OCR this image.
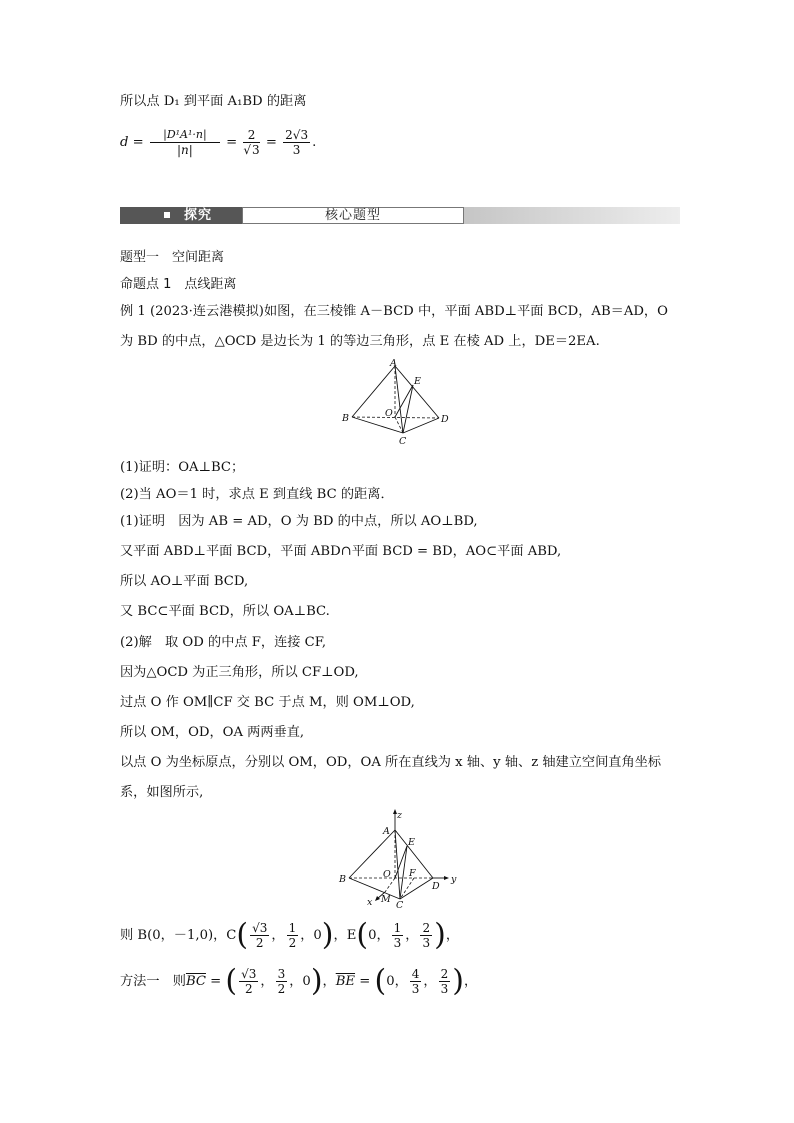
所以点 D₁ 到平面 A₁BD 的距离
$d = \frac{\text{|D¹A¹·n|}}{|n|} = \frac{2}{√3} = \frac{2√3}{3}$ .
探究	核心题型
题型一　空间距离
命题点 1　点线距离
例 1 (2023·连云港模拟)如图，在三棱锥 A－BCD 中，平面 ABD⊥平面 BCD，AB＝AD，O
为 BD 的中点，△OCD 是边长为 1 的等边三角形，点 E 在棱 AD 上，DE＝2EA.
A
B
C
D
E
O
(1)证明：OA⊥BC；
(2)当 AO＝1 时，求点 E 到直线 BC 的距离．
(1)证明　因为 AB = AD，O 为 BD 的中点，所以 AO⊥BD,
又平面 ABD⊥平面 BCD，平面 ABD∩平面 BCD = BD，AO⊂平面 ABD,
所以 AO⊥平面 BCD,
又 BC⊂平面 BCD，所以 OA⊥BC.
(2)解　取 OD 的中点 F，连接 CF,
因为△OCD 为正三角形，所以 CF⊥OD,
过点 O 作 OM∥CF 交 BC 于点 M，则 OM⊥OD,
所以 OM，OD，OA 两两垂直,
以点 O 为坐标原点，分别以 OM，OD，OA 所在直线为 x 轴、y 轴、z 轴建立空间直角坐标
系，如图所示,
z
A
B
C
D
E
F
O
M
x
y
则 B(0，－1,0)，$C( \frac{√3}{2}$ ， $\frac{1}{2}$ ，0)，E(0， $\frac{1}{3}$ ， $\frac{2}{3}$ )，
方法一　则$\overline{BC}$ = ( $\frac{√3}{2}$ ， $\frac{3}{2}$ ，0)，$\overline{BE} = (0$， $\frac{4}{3}$ ， $\frac{2}{3}$ )，
